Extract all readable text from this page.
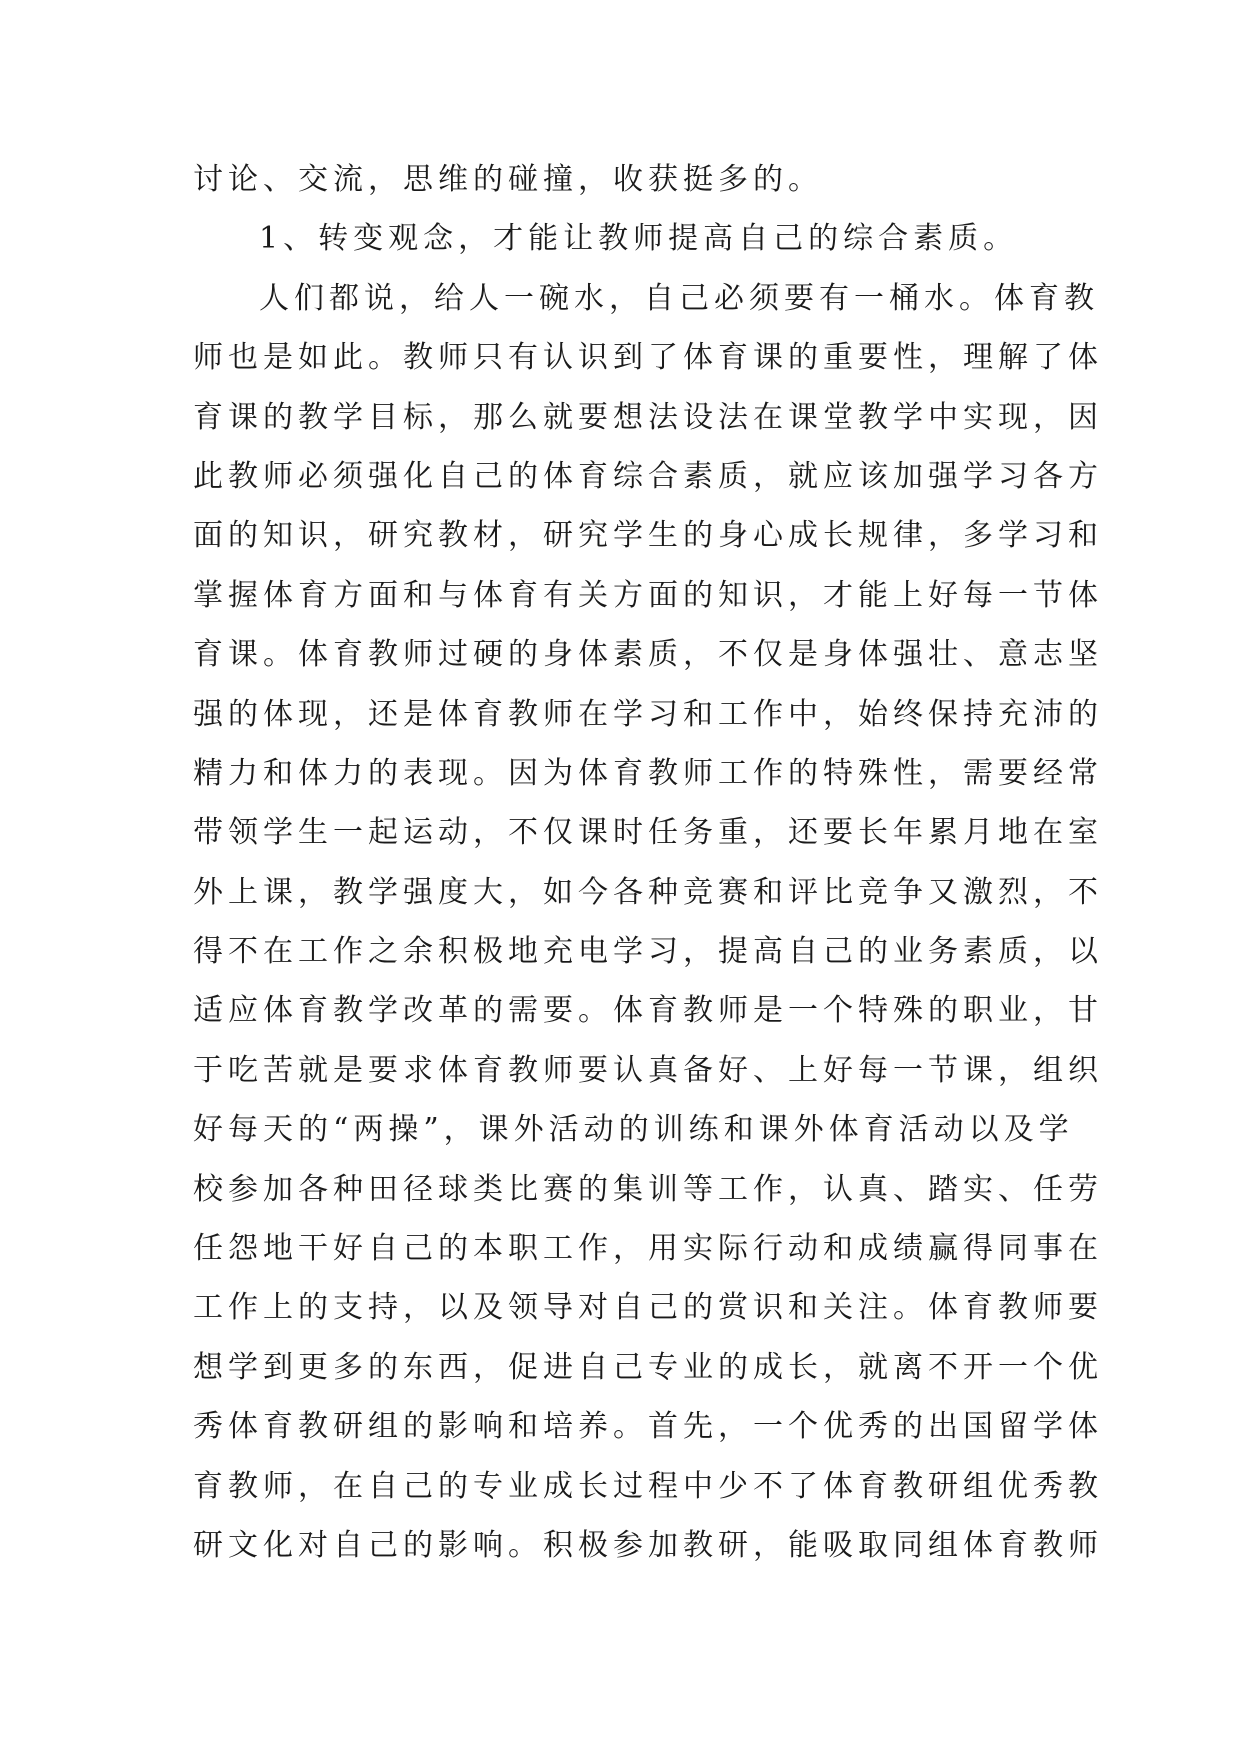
讨论、交流，思维的碰撞，收获挺多的。
1、转变观念，才能让教师提高自己的综合素质。
人们都说，给人一碗水，自己必须要有一桶水。体育教
师也是如此。教师只有认识到了体育课的重要性，理解了体
育课的教学目标，那么就要想法设法在课堂教学中实现，因
此教师必须强化自己的体育综合素质，就应该加强学习各方
面的知识，研究教材，研究学生的身心成长规律，多学习和
掌握体育方面和与体育有关方面的知识，才能上好每一节体
育课。体育教师过硬的身体素质，不仅是身体强壮、意志坚
强的体现，还是体育教师在学习和工作中，始终保持充沛的
精力和体力的表现。因为体育教师工作的特殊性，需要经常
带领学生一起运动，不仅课时任务重，还要长年累月地在室
外上课，教学强度大，如今各种竞赛和评比竞争又激烈，不
得不在工作之余积极地充电学习，提高自己的业务素质，以
适应体育教学改革的需要。体育教师是一个特殊的职业，甘
于吃苦就是要求体育教师要认真备好、上好每一节课，组织
好每天的“两操”，课外活动的训练和课外体育活动以及学
校参加各种田径球类比赛的集训等工作，认真、踏实、任劳
任怨地干好自己的本职工作，用实际行动和成绩赢得同事在
工作上的支持，以及领导对自己的赏识和关注。体育教师要
想学到更多的东西，促进自己专业的成长，就离不开一个优
秀体育教研组的影响和培养。首先，一个优秀的出国留学体
育教师，在自己的专业成长过程中少不了体育教研组优秀教
研文化对自己的影响。积极参加教研，能吸取同组体育教师
